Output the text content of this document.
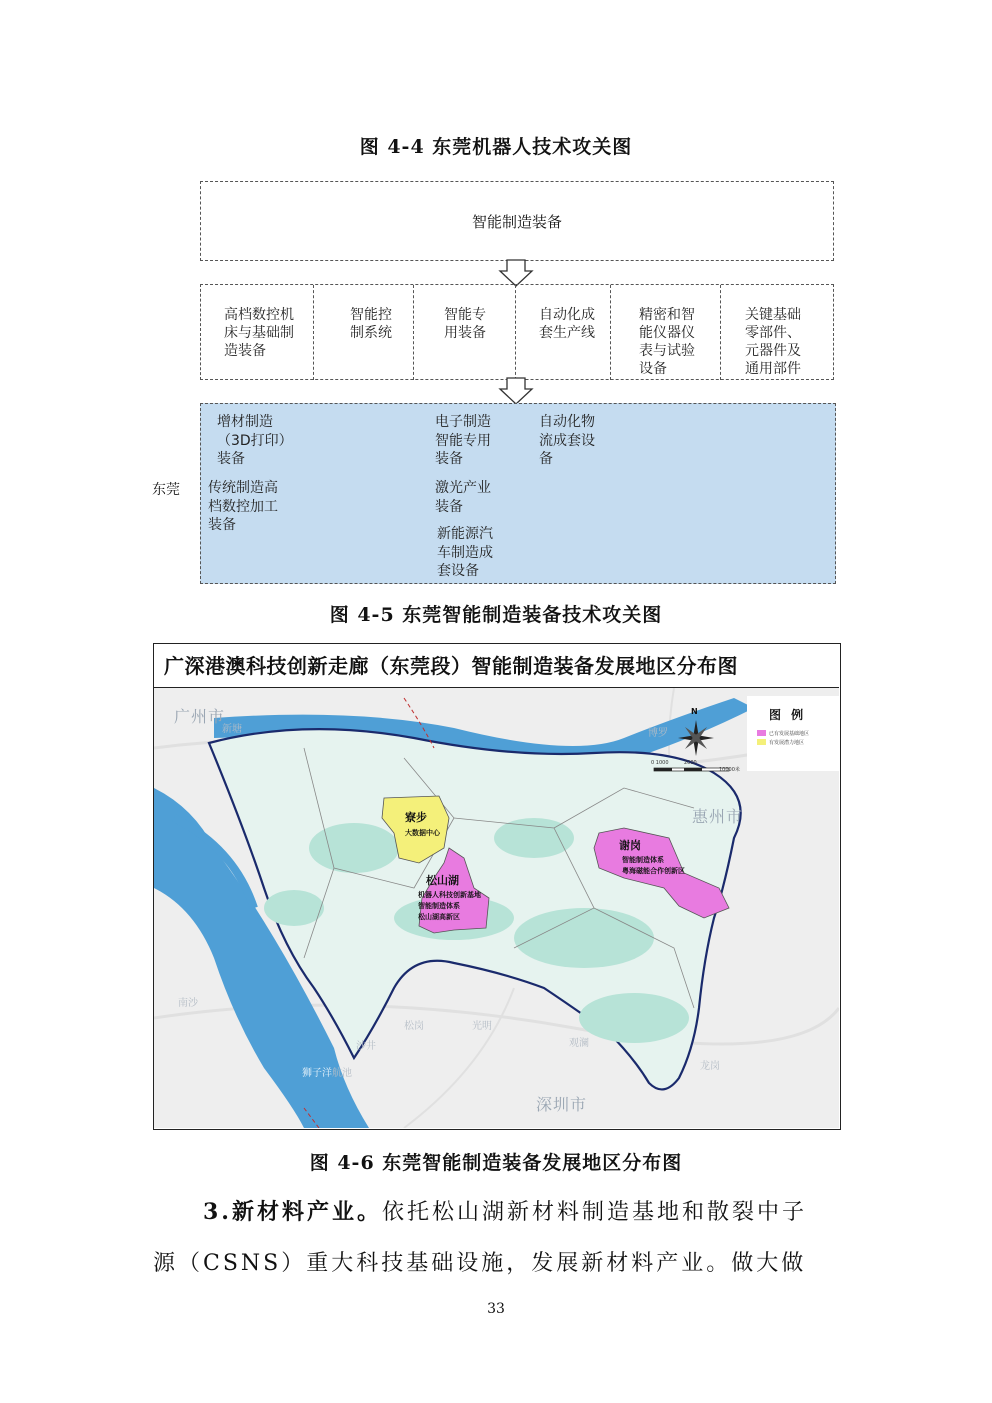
图 4-4 东莞机器人技术攻关图
智能制造装备
高档数控机
床与基础制
造装备
智能控
制系统
智能专
用装备
自动化成
套生产线
精密和智
能仪器仪
表与试验
设备
关键基础
零部件、
元器件及
通用部件
东莞
增材制造
（3D打印）
装备
传统制造高
档数控加工
装备
电子制造
智能专用
装备
激光产业
装备
新能源汽
车制造成
套设备
自动化物
流成套设
备
图 4-5 东莞智能制造装备技术攻关图
广深港澳科技创新走廊（东莞段）智能制造装备发展地区分布图
广州市
惠州市
深圳市
新塘	博罗
南沙
狮子洋
松岗	光明
沙井	观澜
龙岗
航池
寮步
大数据中心
松山湖
机器人科技创新基地
智能制造体系
松山湖高新区
谢岗
智能制造体系
粤海磁能合作创新区
N
0 1000	2000
10000米
图 例
已有发展基础地区
有发展潜力地区
图 4-6 东莞智能制造装备发展地区分布图
3.新材料产业。依托松山湖新材料制造基地和散裂中子
源（CSNS）重大科技基础设施，发展新材料产业。做大做
33
